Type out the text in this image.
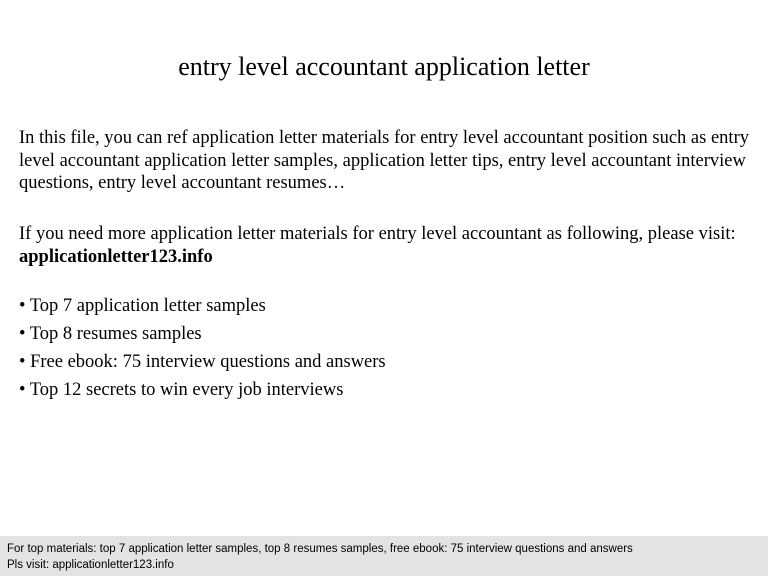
entry level accountant application letter

In this file, you can ref application letter materials for entry level accountant position such as entry level accountant application letter samples, application letter tips, entry level accountant interview questions, entry level accountant resumes…

If you need more application letter materials for entry level accountant as following, please visit: applicationletter123.info

• Top 7 application letter samples
• Top 8 resumes samples
• Free ebook: 75 interview questions and answers
• Top 12 secrets to win every job interviews
For top materials: top 7 application letter samples, top 8 resumes samples, free ebook: 75 interview questions and answers
Pls visit: applicationletter123.info
